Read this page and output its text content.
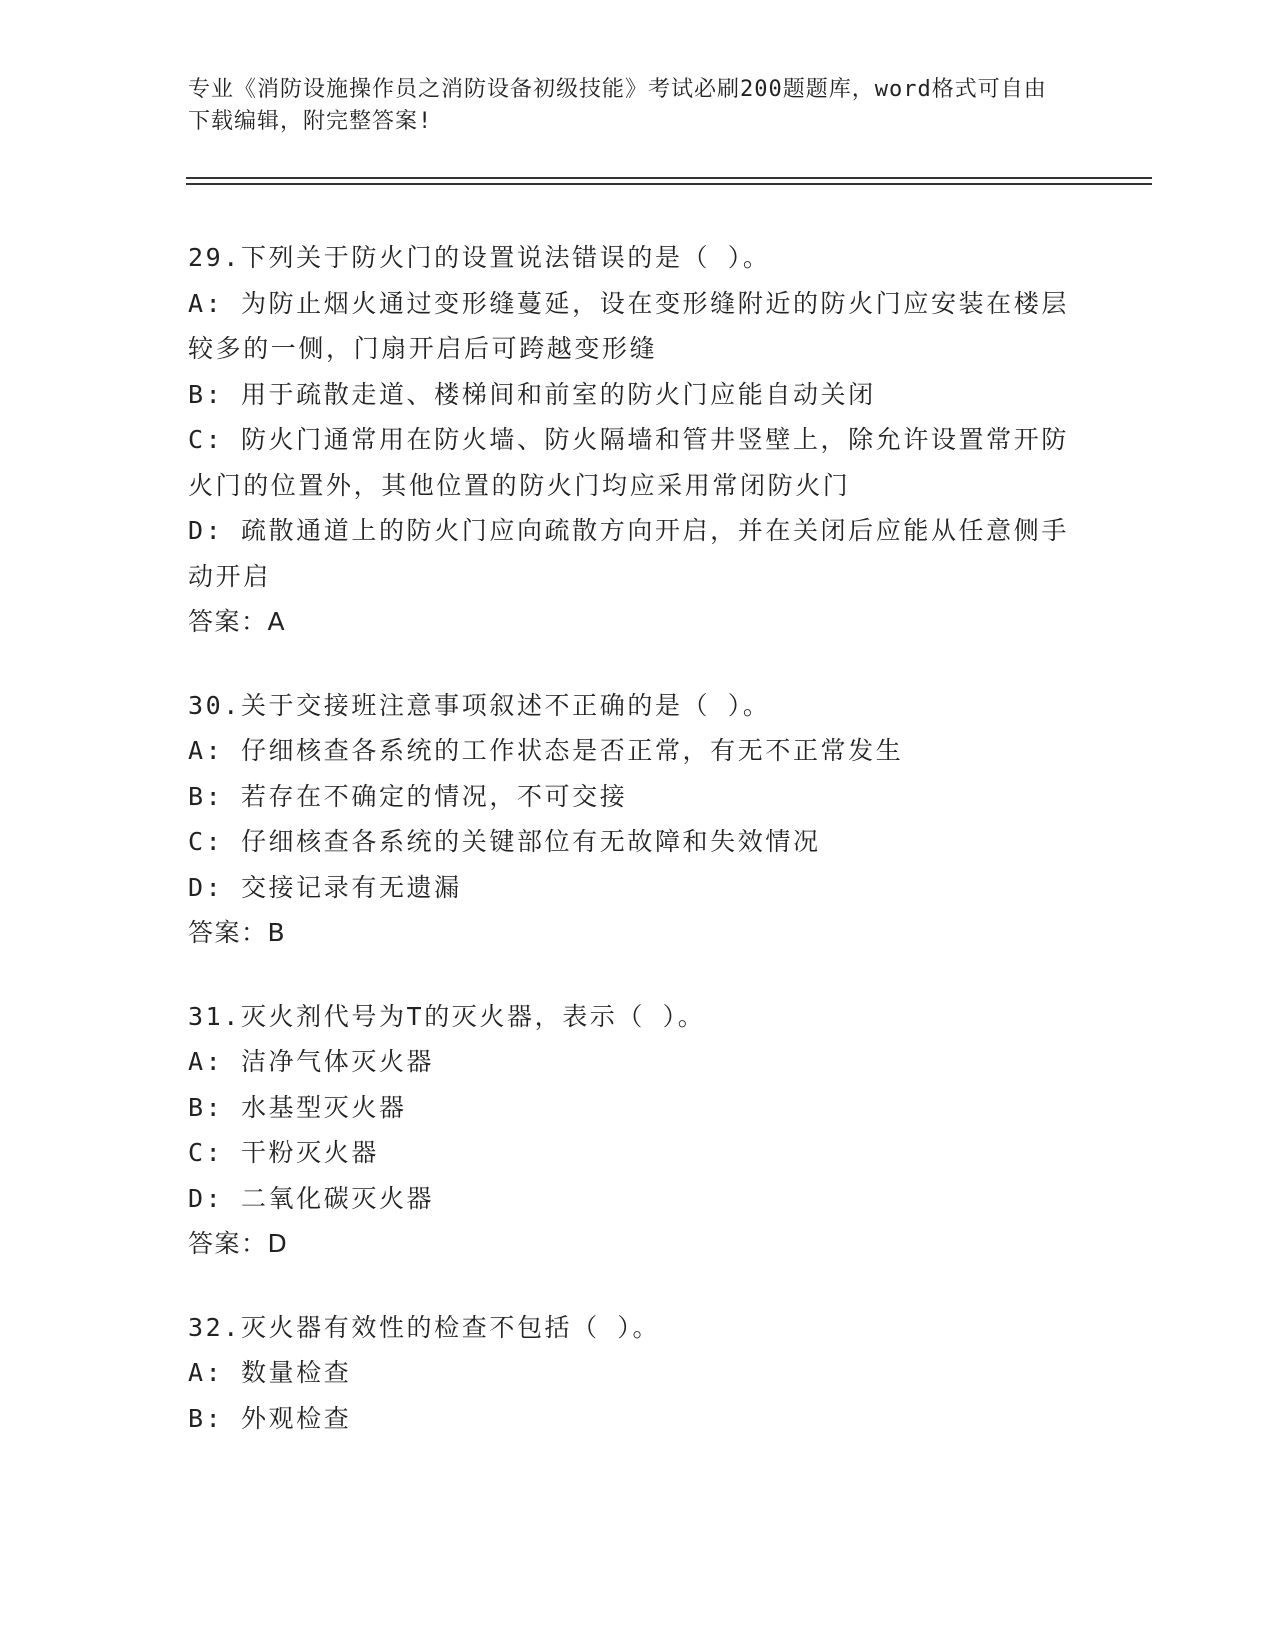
专业《消防设施操作员之消防设备初级技能》考试必刷200题题库，word格式可自由下载编辑，附完整答案!

29.下列关于防火门的设置说法错误的是（ ）。

A: 为防止烟火通过变形缝蔓延，设在变形缝附近的防火门应安装在楼层较多的一侧，门扇开启后可跨越变形缝

B: 用于疏散走道、楼梯间和前室的防火门应能自动关闭

C: 防火门通常用在防火墙、防火隔墙和管井竖壁上，除允许设置常开防火门的位置外，其他位置的防火门均应采用常闭防火门

D: 疏散通道上的防火门应向疏散方向开启，并在关闭后应能从任意侧手动开启

答案：A

30.关于交接班注意事项叙述不正确的是（ ）。

A: 仔细核查各系统的工作状态是否正常，有无不正常发生

B: 若存在不确定的情况，不可交接

C: 仔细核查各系统的关键部位有无故障和失效情况

D: 交接记录有无遗漏

答案：B

31.灭火剂代号为T的灭火器，表示（ ）。

A: 洁净气体灭火器

B: 水基型灭火器

C: 干粉灭火器

D: 二氧化碳灭火器

答案：D

32.灭火器有效性的检查不包括（ ）。

A: 数量检查

B: 外观检查
